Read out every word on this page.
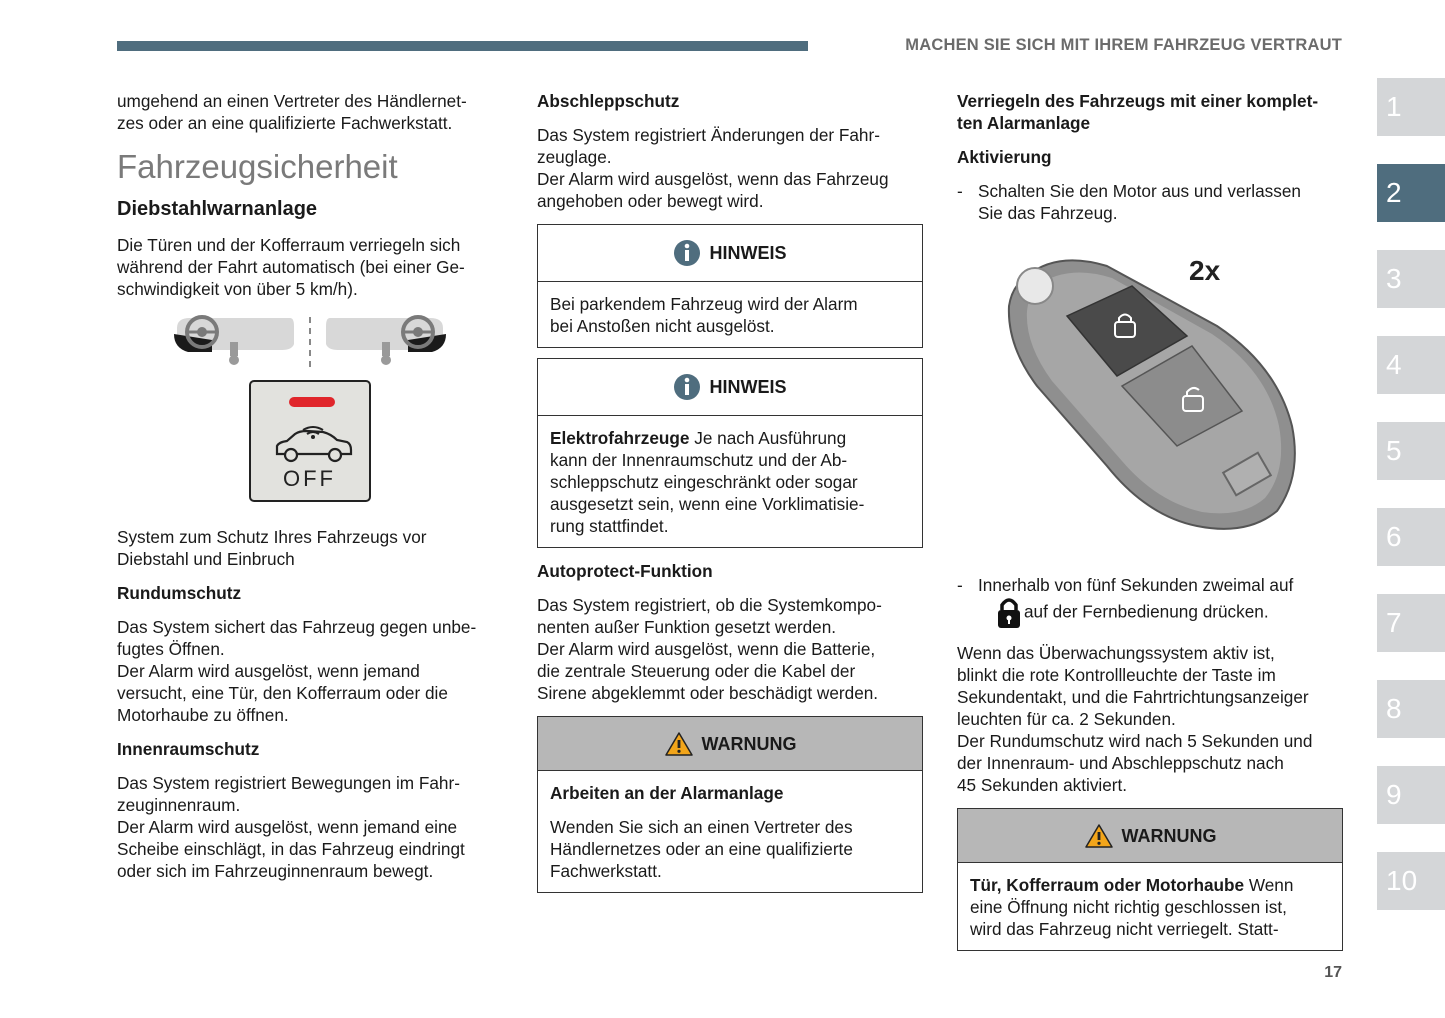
MACHEN SIE SICH MIT IHREM FAHRZEUG VERTRAUT
1
2
3
4
5
6
7
8
9
10

umgehend an einen Vertreter des Händlernet-
zes oder an eine qualifizierte Fachwerkstatt.

Fahrzeugsicherheit
Diebstahlwarnanlage

Die Türen und der Kofferraum verriegeln sich
während der Fahrt automatisch (bei einer Ge-
schwindigkeit von über 5 km/h).

OFF

System zum Schutz Ihres Fahrzeugs vor
Diebstahl und Einbruch

Rundumschutz

Das System sichert das Fahrzeug gegen unbe-
fugtes Öffnen.
Der Alarm wird ausgelöst, wenn jemand
versucht, eine Tür, den Kofferraum oder die
Motorhaube zu öffnen.

Innenraumschutz

Das System registriert Bewegungen im Fahr-
zeuginnenraum.
Der Alarm wird ausgelöst, wenn jemand eine
Scheibe einschlägt, in das Fahrzeug eindringt
oder sich im Fahrzeuginnenraum bewegt.

Abschleppschutz

Das System registriert Änderungen der Fahr-
zeuglage.
Der Alarm wird ausgelöst, wenn das Fahrzeug
angehoben oder bewegt wird.

HINWEIS

Bei parkendem Fahrzeug wird der Alarm
bei Anstoßen nicht ausgelöst.

HINWEIS

Elektrofahrzeuge Je nach Ausführung
kann der Innenraumschutz und der Ab-
schleppschutz eingeschränkt oder sogar
ausgesetzt sein, wenn eine Vorklimatisie-
rung stattfindet.

Autoprotect-Funktion

Das System registriert, ob die Systemkompo-
nenten außer Funktion gesetzt werden.
Der Alarm wird ausgelöst, wenn die Batterie,
die zentrale Steuerung oder die Kabel der
Sirene abgeklemmt oder beschädigt werden.

WARNUNG
Arbeiten an der Alarmanlage

Wenden Sie sich an einen Vertreter des
Händlernetzes oder an eine qualifizierte
Fachwerkstatt.

Verriegeln des Fahrzeugs mit einer komplet-
ten Alarmanlage
Aktivierung
- Schalten Sie den Motor aus und verlassen
Sie das Fahrzeug.
2x
- Innerhalb von fünf Sekunden zweimal auf
auf der Fernbedienung drücken.

Wenn das Überwachungssystem aktiv ist,
blinkt die rote Kontrollleuchte der Taste im
Sekundentakt, und die Fahrtrichtungsanzeiger
leuchten für ca. 2 Sekunden.
Der Rundumschutz wird nach 5 Sekunden und
der Innenraum- und Abschleppschutz nach
45 Sekunden aktiviert.

WARNUNG

Tür, Kofferraum oder Motorhaube Wenn
eine Öffnung nicht richtig geschlossen ist,
wird das Fahrzeug nicht verriegelt. Statt-

17
